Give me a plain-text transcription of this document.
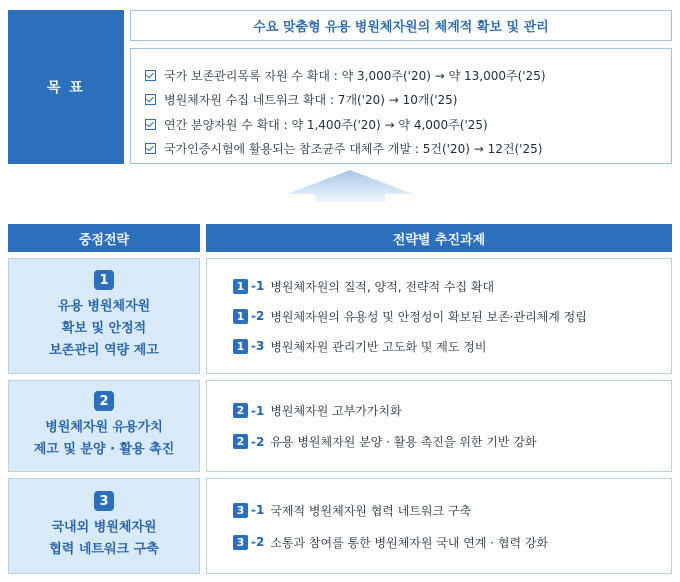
목 표
수요 맞춤형 유용 병원체자원의 체계적 확보 및 관리
국가 보존관리목록 자원 수 확대 : 약 3,000주('20) → 약 13,000주('25)
병원체자원 수집 네트워크 확대 : 7개('20) → 10개('25)
연간 분양자원 수 확대 : 약 1,400주('20) → 약 4,000주('25)
국가인증시험에 활용되는 참조균주 대체주 개발 : 5건('20) → 12건('25)
중점전략	전략별 추진과제
1
유용 병원체자원
확보 및 안정적
보존관리 역량 제고
1 -1 병원체자원의 질적, 양적, 전략적 수집 확대
1 -2 병원체자원의 유용성 및 안정성이 확보된 보존·관리체계 정립
1 -3 병원체자원 관리기반 고도화 및 제도 정비
2
병원체자원 유용가치
제고 및 분양 · 활용 촉진
2 -1 병원체자원 고부가가치화
2 -2 유용 병원체자원 분양 · 활용 촉진을 위한 기반 강화
3
국내외 병원체자원
협력 네트워크 구축
3 -1 국제적 병원체자원 협력 네트워크 구축
3 -2 소통과 참여를 통한 병원체자원 국내 연계 · 협력 강화
